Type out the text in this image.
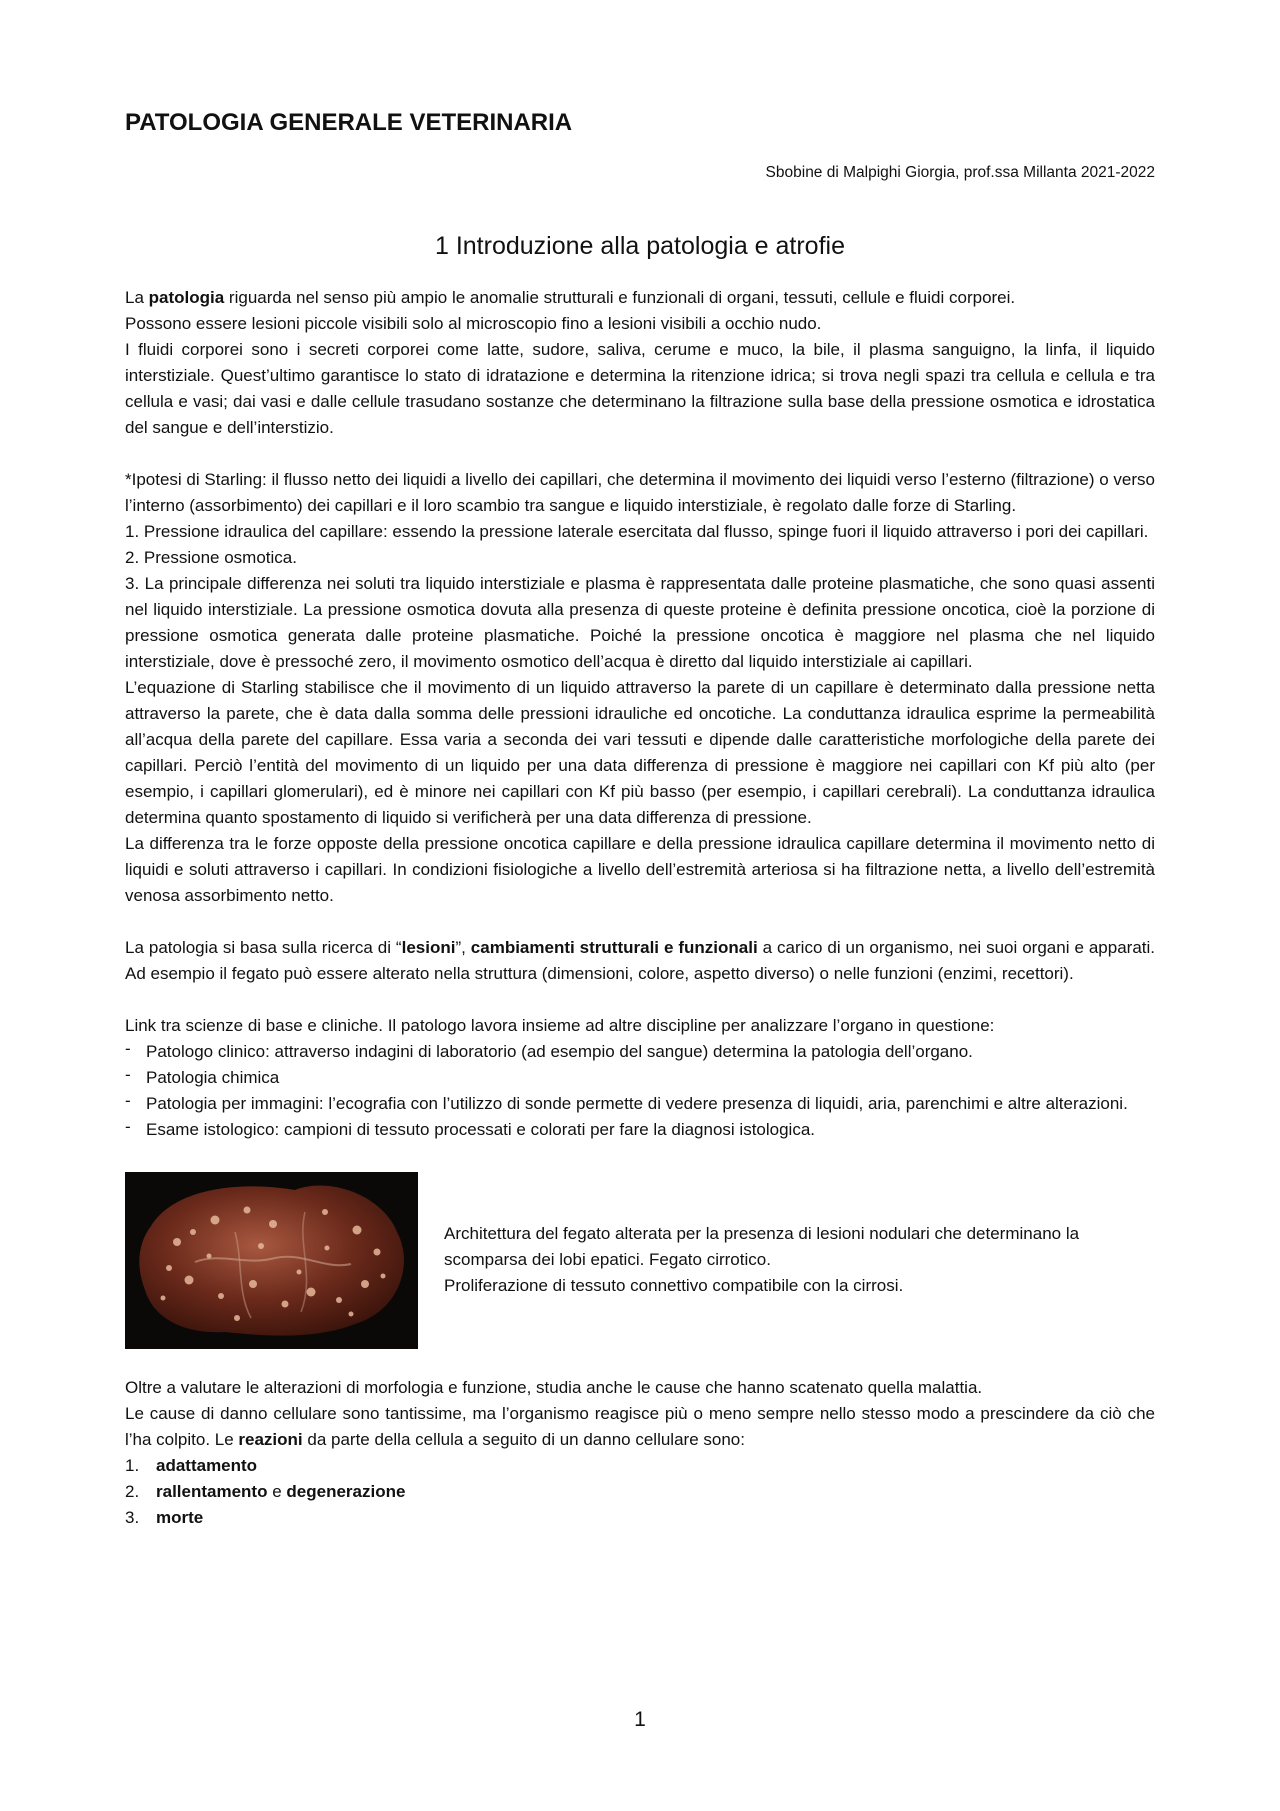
PATOLOGIA GENERALE VETERINARIA
Sbobine di Malpighi Giorgia, prof.ssa Millanta 2021-2022
1 Introduzione alla patologia e atrofie

La patologia riguarda nel senso più ampio le anomalie strutturali e funzionali di organi, tessuti, cellule e fluidi corporei.

Possono essere lesioni piccole visibili solo al microscopio fino a lesioni visibili a occhio nudo.

I fluidi corporei sono i secreti corporei come latte, sudore, saliva, cerume e muco, la bile, il plasma sanguigno, la linfa, il liquido interstiziale. Quest’ultimo garantisce lo stato di idratazione e determina la ritenzione idrica; si trova negli spazi tra cellula e cellula e tra cellula e vasi; dai vasi e dalle cellule trasudano sostanze che determinano la filtrazione sulla base della pressione osmotica e idrostatica del sangue e dell’interstizio.

*Ipotesi di Starling: il flusso netto dei liquidi a livello dei capillari, che determina il movimento dei liquidi verso l’esterno (filtrazione) o verso l’interno (assorbimento) dei capillari e il loro scambio tra sangue e liquido interstiziale, è regolato dalle forze di Starling.

1. Pressione idraulica del capillare: essendo la pressione laterale esercitata dal flusso, spinge fuori il liquido attraverso i pori dei capillari.

2. Pressione osmotica.

3. La principale differenza nei soluti tra liquido interstiziale e plasma è rappresentata dalle proteine plasmatiche, che sono quasi assenti nel liquido interstiziale. La pressione osmotica dovuta alla presenza di queste proteine è definita pressione oncotica, cioè la porzione di pressione osmotica generata dalle proteine plasmatiche. Poiché la pressione oncotica è maggiore nel plasma che nel liquido interstiziale, dove è pressoché zero, il movimento osmotico dell’acqua è diretto dal liquido interstiziale ai capillari.

L’equazione di Starling stabilisce che il movimento di un liquido attraverso la parete di un capillare è determinato dalla pressione netta attraverso la parete, che è data dalla somma delle pressioni idrauliche ed oncotiche. La conduttanza idraulica esprime la permeabilità all’acqua della parete del capillare. Essa varia a seconda dei vari tessuti e dipende dalle caratteristiche morfologiche della parete dei capillari. Perciò l’entità del movimento di un liquido per una data differenza di pressione è maggiore nei capillari con Kf più alto (per esempio, i capillari glomerulari), ed è minore nei capillari con Kf più basso (per esempio, i capillari cerebrali). La conduttanza idraulica determina quanto spostamento di liquido si verificherà per una data differenza di pressione.

La differenza tra le forze opposte della pressione oncotica capillare e della pressione idraulica capillare determina il movimento netto di liquidi e soluti attraverso i capillari. In condizioni fisiologiche a livello dell’estremità arteriosa si ha filtrazione netta, a livello dell’estremità venosa assorbimento netto.

La patologia si basa sulla ricerca di “lesioni”, cambiamenti strutturali e funzionali a carico di un organismo, nei suoi organi e apparati. Ad esempio il fegato può essere alterato nella struttura (dimensioni, colore, aspetto diverso) o nelle funzioni (enzimi, recettori).

Link tra scienze di base e cliniche. Il patologo lavora insieme ad altre discipline per analizzare l’organo in questione:

- Patologo clinico: attraverso indagini di laboratorio (ad esempio del sangue) determina la patologia dell’organo.
- Patologia chimica
- Patologia per immagini: l’ecografia con l’utilizzo di sonde permette di vedere presenza di liquidi, aria, parenchimi e altre alterazioni.
- Esame istologico: campioni di tessuto processati e colorati per fare la diagnosi istologica.

Architettura del fegato alterata per la presenza di lesioni nodulari che determinano la scomparsa dei lobi epatici. Fegato cirrotico.

Proliferazione di tessuto connettivo compatibile con la cirrosi.

Oltre a valutare le alterazioni di morfologia e funzione, studia anche le cause che hanno scatenato quella malattia.

Le cause di danno cellulare sono tantissime, ma l’organismo reagisce più o meno sempre nello stesso modo a prescindere da ciò che l’ha colpito. Le reazioni da parte della cellula a seguito di un danno cellulare sono:

1. adattamento
2. rallentamento e degenerazione
3. morte
1
